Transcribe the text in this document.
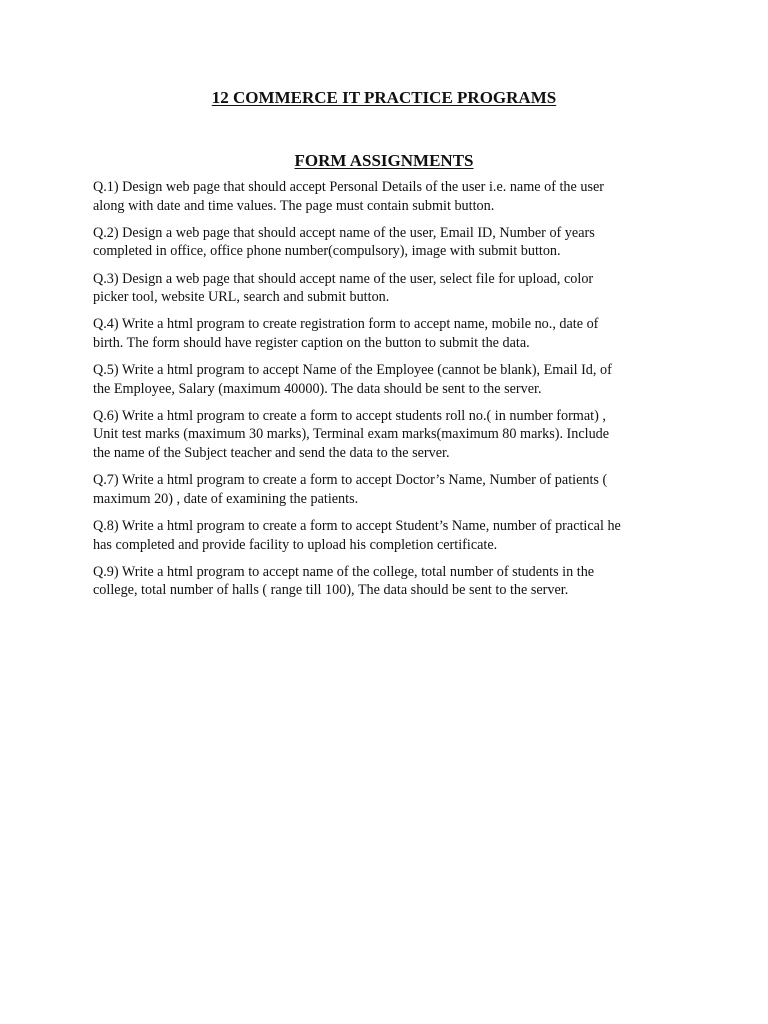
12 COMMERCE IT PRACTICE PROGRAMS
FORM ASSIGNMENTS

Q.1) Design web page that should accept Personal Details of the user i.e. name of the user
along with date and time values. The page must contain submit button.

Q.2) Design a web page that should accept name of the user, Email ID, Number of years
completed in office, office phone number(compulsory), image with submit button.

Q.3) Design a web page that should accept name of the user, select file for upload, color
picker tool, website URL, search and submit button.

Q.4) Write a html program to create registration form to accept name, mobile no., date of
birth. The form should have register caption on the button to submit the data.

Q.5) Write a html program to accept Name of the Employee (cannot be blank), Email Id, of
the Employee, Salary (maximum 40000). The data should be sent to the server.

Q.6) Write a html program to create a form to accept students roll no.( in number format) ,
Unit test marks (maximum 30 marks), Terminal exam marks(maximum 80 marks). Include
the name of the Subject teacher and send the data to the server.

Q.7) Write a html program to create a form to accept Doctor’s Name, Number of patients (
maximum 20) , date of examining the patients.

Q.8) Write a html program to create a form to accept Student’s Name, number of practical he
has completed and provide facility to upload his completion certificate.

Q.9) Write a html program to accept name of the college, total number of students in the
college, total number of halls ( range till 100), The data should be sent to the server.
